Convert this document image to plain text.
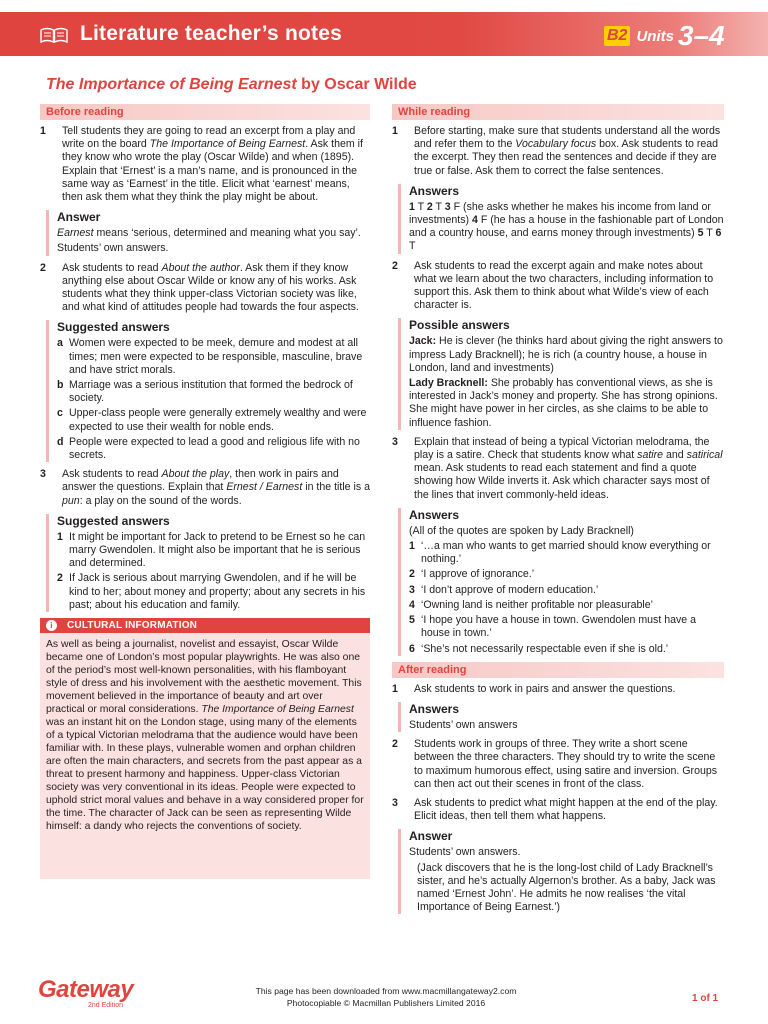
Literature teacher’s notes	B2 Units 3–4
The Importance of Being Earnest by Oscar Wilde
Before reading
1	Tell students they are going to read an excerpt from a play and write on the board The Importance of Being Earnest. Ask them if they know who wrote the play (Oscar Wilde) and when (1895). Explain that ‘Ernest’ is a man’s name, and is pronounced in the same way as ‘Earnest’ in the title. Elicit what ‘earnest’ means, then ask them what they think the play might be about.
Answer
Earnest means ‘serious, determined and meaning what you say’.
Students’ own answers.
2	Ask students to read About the author. Ask them if they know anything else about Oscar Wilde or know any of his works. Ask students what they think upper-class Victorian society was like, and what kind of attitudes people had towards the four aspects.
Suggested answers
a Women were expected to be meek, demure and modest at all times; men were expected to be responsible, masculine, brave and have strict morals.
b Marriage was a serious institution that formed the bedrock of society.
c Upper-class people were generally extremely wealthy and were expected to use their wealth for noble ends.
d People were expected to lead a good and religious life with no secrets.
3	Ask students to read About the play, then work in pairs and answer the questions. Explain that Ernest / Earnest in the title is a pun: a play on the sound of the words.
Suggested answers
1 It might be important for Jack to pretend to be Ernest so he can marry Gwendolen. It might also be important that he is serious and determined.
2 If Jack is serious about marrying Gwendolen, and if he will be kind to her; about money and property; about any secrets in his past; about his education and family.
i	CULTURAL INFORMATION
As well as being a journalist, novelist and essayist, Oscar Wilde became one of London’s most popular playwrights. He was also one of the period’s most well-known personalities, with his flamboyant style of dress and his involvement with the aesthetic movement. This movement believed in the importance of beauty and art over practical or moral considerations. The Importance of Being Earnest was an instant hit on the London stage, using many of the elements of a typical Victorian melodrama that the audience would have been familiar with. In these plays, vulnerable women and orphan children are often the main characters, and secrets from the past appear as a threat to present harmony and happiness. Upper-class Victorian society was very conventional in its ideas. People were expected to uphold strict moral values and behave in a way considered proper for the time. The character of Jack can be seen as representing Wilde himself: a dandy who rejects the conventions of society.
While reading
1	Before starting, make sure that students understand all the words and refer them to the Vocabulary focus box. Ask students to read the excerpt. They then read the sentences and decide if they are true or false. Ask them to correct the false sentences.
Answers
1 T 2 T 3 F (she asks whether he makes his income from land or investments) 4 F (he has a house in the fashionable part of London and a country house, and earns money through investments) 5 T 6 T
2	Ask students to read the excerpt again and make notes about what we learn about the two characters, including information to support this. Ask them to think about what Wilde’s view of each character is.
Possible answers
Jack: He is clever (he thinks hard about giving the right answers to impress Lady Bracknell); he is rich (a country house, a house in London, land and investments)
Lady Bracknell: She probably has conventional views, as she is interested in Jack’s money and property. She has strong opinions. She might have power in her circles, as she claims to be able to influence fashion.
3	Explain that instead of being a typical Victorian melodrama, the play is a satire. Check that students know what satire and satirical mean. Ask students to read each statement and find a quote showing how Wilde inverts it. Ask which character says most of the lines that invert commonly-held ideas.
Answers
(All of the quotes are spoken by Lady Bracknell)
1 ‘…a man who wants to get married should know everything or nothing.’
2 ‘I approve of ignorance.’
3 ‘I don’t approve of modern education.’
4 ‘Owning land is neither profitable nor pleasurable’
5 ‘I hope you have a house in town. Gwendolen must have a house in town.’
6 ‘She’s not necessarily respectable even if she is old.’
After reading
1	Ask students to work in pairs and answer the questions.
Answers
Students’ own answers
2	Students work in groups of three. They write a short scene between the three characters. They should try to write the scene to maximum humorous effect, using satire and inversion. Groups can then act out their scenes in front of the class.
3	Ask students to predict what might happen at the end of the play. Elicit ideas, then tell them what happens.
Answer
Students’ own answers.
(Jack discovers that he is the long-lost child of Lady Bracknell’s sister, and he’s actually Algernon’s brother. As a baby, Jack was named ‘Ernest John’. He admits he now realises ‘the vital Importance of Being Earnest.’)
Gateway
2nd Edition
This page has been downloaded from www.macmillangateway2.com
Photocopiable © Macmillan Publishers Limited 2016	1 of 1
